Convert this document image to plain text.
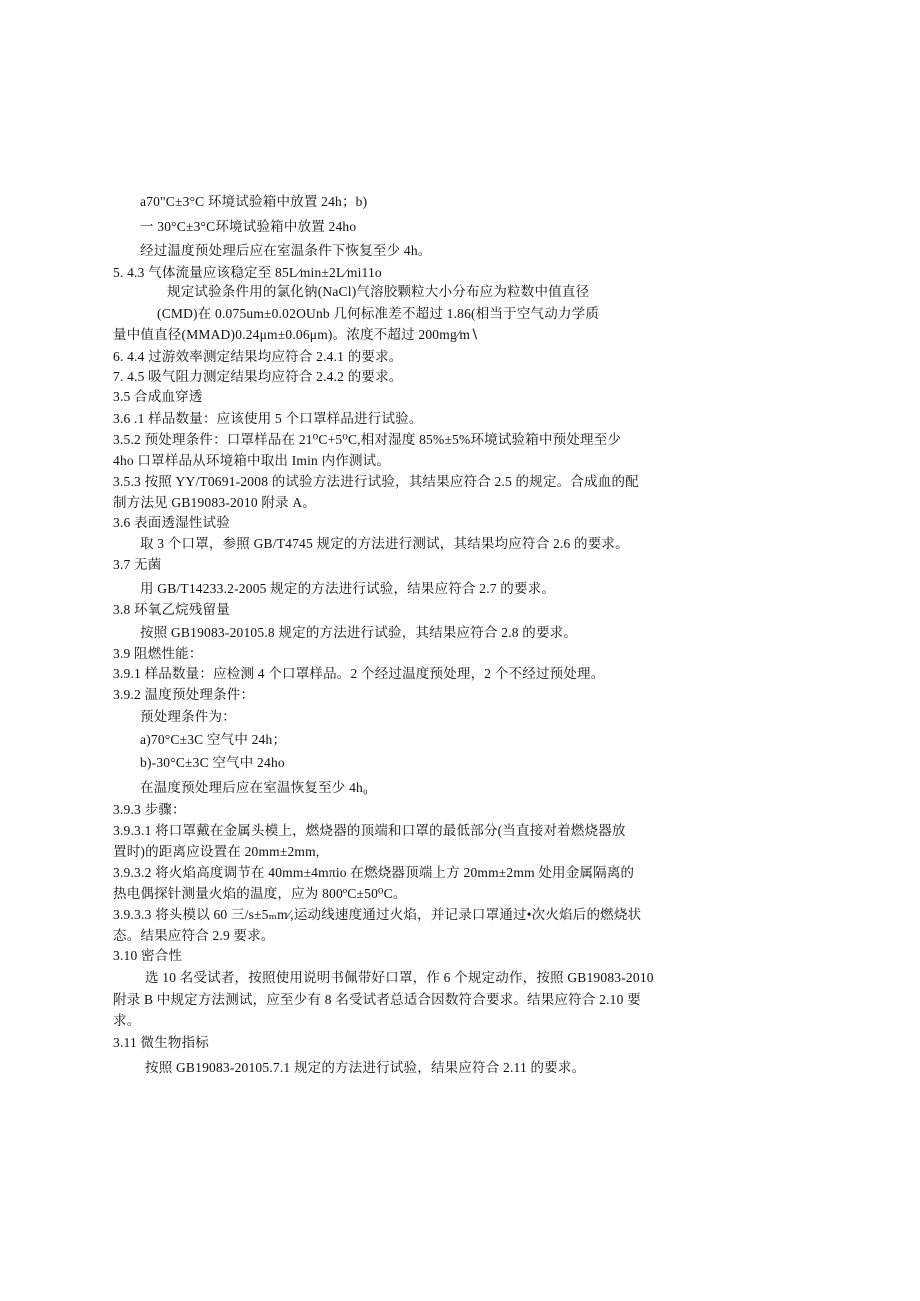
a70"C±3°C 环境试验箱中放置 24h；b)
一 30°C±3°C环境试验箱中放置 24ho
经过温度预处理后应在室温条件下恢复至少 4h。
5. 4.3 气体流量应该稳定至 85L∕min±2L∕mi11o
规定试验条件用的氯化钠(NaCl)气溶胶颗粒大小分布应为粒数中值直径
(CMD)在 0.075um±0.02OUnb 几何标准差不超过 1.86(相当于空气动力学质
量中值直径(MMAD)0.24μm±0.06μm)。浓度不超过 200mg∕m∖
6. 4.4 过游效率测定结果均应符合 2.4.1 的要求。
7. 4.5 吸气阻力测定结果均应符合 2.4.2 的要求。
3.5 合成血穿透
3.6 .1 样品数量：应该使用 5 个口罩样品进行试验。
3.5.2 预处理条件：口罩样品在 21⁰C+5⁰C,相对湿度 85%±5%环境试验箱中预处理至少
4ho 口罩样品从环境箱中取出 Imin 内作测试。
3.5.3 按照 YY/T0691-2008 的试验方法进行试验，其结果应符合 2.5 的规定。合成血的配
制方法见 GB19083-2010 附录 A。
3.6 表面透湿性试验
取 3 个口罩，参照 GB/T4745 规定的方法进行测试，其结果均应符合 2.6 的要求。
3.7 无菌
用 GB/T14233.2-2005 规定的方法进行试验，结果应符合 2.7 的要求。
3.8 环氧乙烷残留量
按照 GB19083-20105.8 规定的方法进行试验，其结果应符合 2.8 的要求。
3.9 阻燃性能：
3.9.1 样品数量：应检测 4 个口罩样品。2 个经过温度预处理，2 个不经过预处理。
3.9.2 温度预处理条件：
预处理条件为：
a)70°C±3C 空气中 24h；
b)-30°C±3C 空气中 24ho
在温度预处理后应在室温恢复至少 4h₀
3.9.3 步骤：
3.9.3.1 将口罩戴在金属头模上，燃烧器的顶端和口罩的最低部分(当直接对着燃烧器放
置时)的距离应设置在 20mm±2mm,
3.9.3.2 将火焰高度调节在 40mm±4mπio 在燃烧器顶端上方 20mm±2mm 处用金属隔离的
热电偶探针测量火焰的温度，应为 800ºC±50⁰C。
3.9.3.3 将头模以 60 三/s±5ₘm∕,运动线速度通过火焰，并记录口罩通过•次火焰后的燃烧状
态。结果应符合 2.9 要求。
3.10 密合性
选 10 名受试者，按照使用说明书佩带好口罩，作 6 个规定动作，按照 GB19083-2010
附录 B 中规定方法测试，应至少有 8 名受试者总适合因数符合要求。结果应符合 2.10 要
求。
3.11 微生物指标
按照 GB19083-20105.7.1 规定的方法进行试验，结果应符合 2.11 的要求。
